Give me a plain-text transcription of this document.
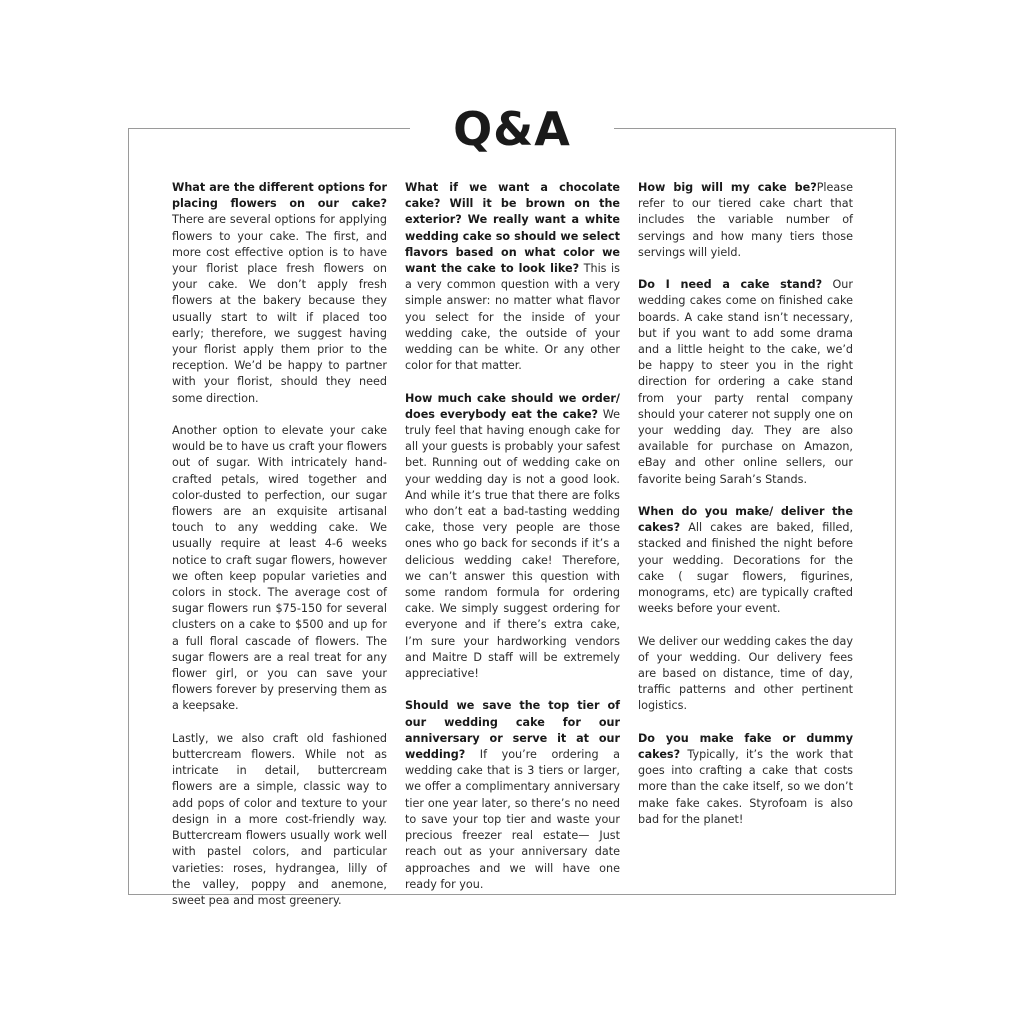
Q&A

What are the different options for placing flowers on our cake? There are several options for applying flowers to your cake. The first, and more cost effective option is to have your florist place fresh flowers on your cake. We don’t apply fresh flowers at the bakery because they usually start to wilt if placed too early; therefore, we suggest having your florist apply them prior to the reception. We’d be happy to partner with your florist, should they need some direction.

Another option to elevate your cake would be to have us craft your flowers out of sugar. With intricately hand-crafted petals, wired together and color-dusted to perfection, our sugar flowers are an exquisite artisanal touch to any wedding cake. We usually require at least 4-6 weeks notice to craft sugar flowers, however we often keep popular varieties and colors in stock. The average cost of sugar flowers run $75-150 for several clusters on a cake to $500 and up for a full floral cascade of flowers. The sugar flowers are a real treat for any flower girl, or you can save your flowers forever by preserving them as a keepsake.

Lastly, we also craft old fashioned buttercream flowers. While not as intricate in detail, buttercream flowers are a simple, classic way to add pops of color and texture to your design in a more cost-friendly way. Buttercream flowers usually work well with pastel colors, and particular varieties: roses, hydrangea, lilly of the valley, poppy and anemone, sweet pea and most greenery.

What if we want a chocolate cake? Will it be brown on the exterior? We really want a white wedding cake so should we select flavors based on what color we want the cake to look like? This is a very common question with a very simple answer: no matter what flavor you select for the inside of your wedding cake, the outside of your wedding can be white. Or any other color for that matter.

How much cake should we order/ does everybody eat the cake? We truly feel that having enough cake for all your guests is probably your safest bet. Running out of wedding cake on your wedding day is not a good look. And while it’s true that there are folks who don’t eat a bad-tasting wedding cake, those very people are those ones who go back for seconds if it’s a delicious wedding cake! Therefore, we can’t answer this question with some random formula for ordering cake. We simply suggest ordering for everyone and if there’s extra cake, I’m sure your hardworking vendors and Maitre D staff will be extremely appreciative!

Should we save the top tier of our wedding cake for our anniversary or serve it at our wedding? If you’re ordering a wedding cake that is 3 tiers or larger, we offer a complimentary anniversary tier one year later, so there’s no need to save your top tier and waste your precious freezer real estate— Just reach out as your anniversary date approaches and we will have one ready for you.

How big will my cake be?Please refer to our tiered cake chart that includes the variable number of servings and how many tiers those servings will yield.

Do I need a cake stand? Our wedding cakes come on finished cake boards. A cake stand isn’t necessary, but if you want to add some drama and a little height to the cake, we’d be happy to steer you in the right direction for ordering a cake stand from your party rental company should your caterer not supply one on your wedding day. They are also available for purchase on Amazon, eBay and other online sellers, our favorite being Sarah’s Stands.

When do you make/ deliver the cakes? All cakes are baked, filled, stacked and finished the night before your wedding. Decorations for the cake ( sugar flowers, figurines, monograms, etc) are typically crafted weeks before your event.

We deliver our wedding cakes the day of your wedding. Our delivery fees are based on distance, time of day, traffic patterns and other pertinent logistics.

Do you make fake or dummy cakes? Typically, it’s the work that goes into crafting a cake that costs more than the cake itself, so we don’t make fake cakes. Styrofoam is also bad for the planet!
